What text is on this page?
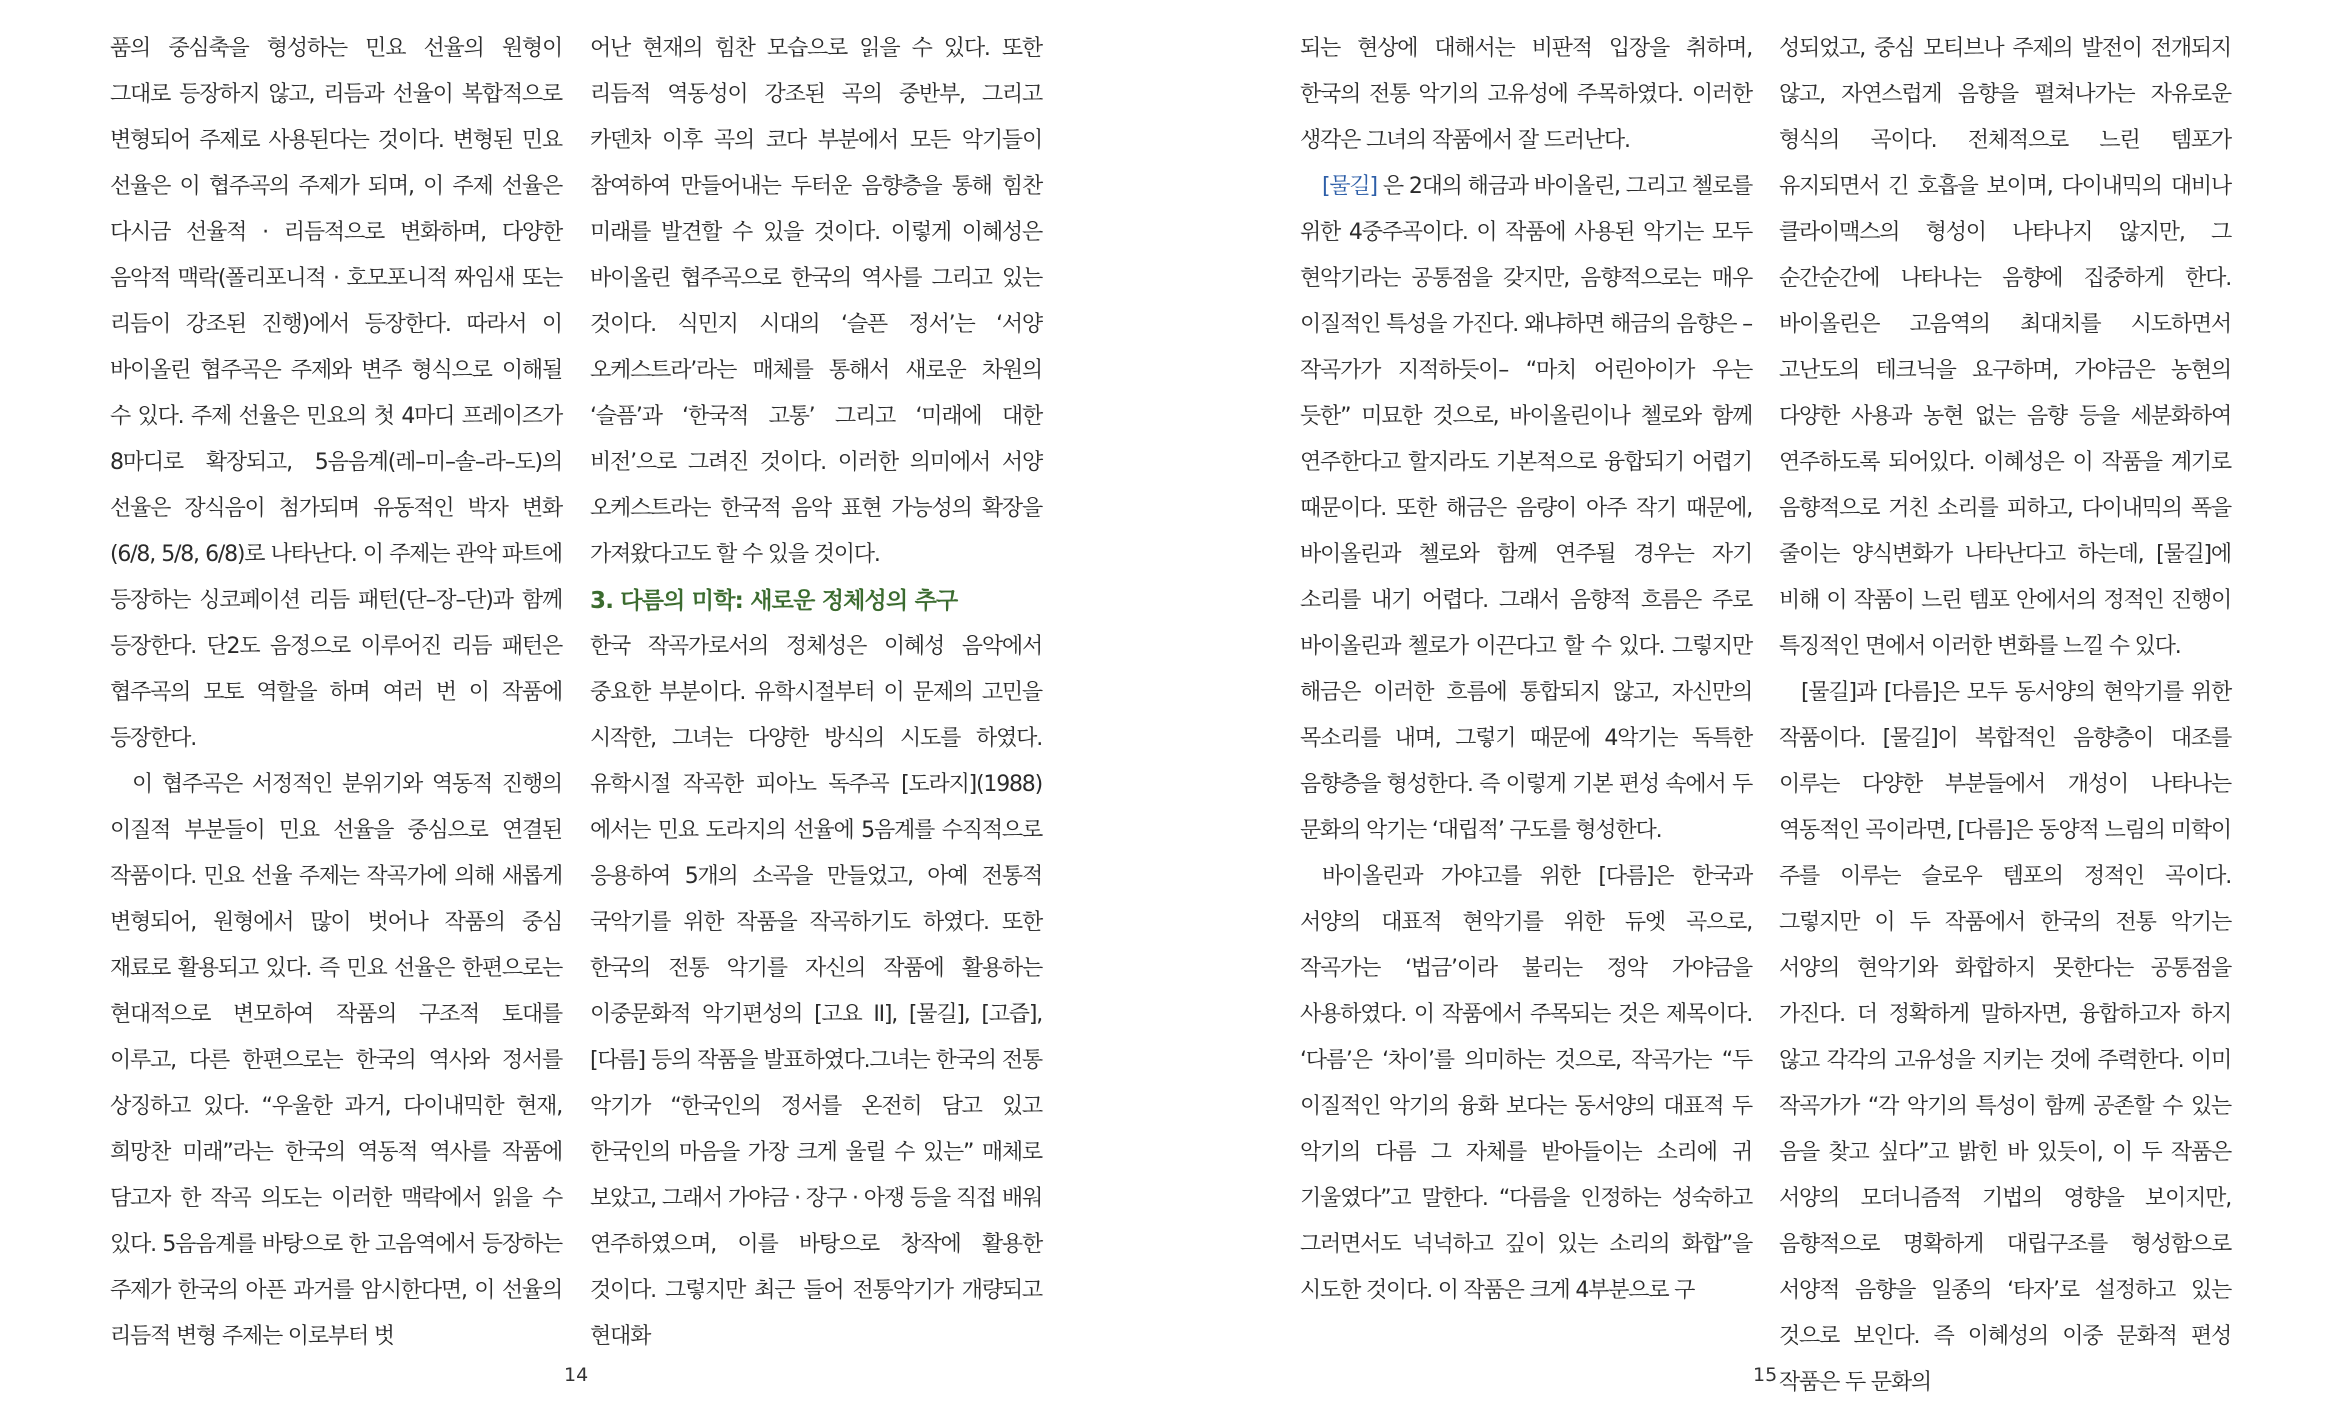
품의 중심축을 형성하는 민요 선율의 원형이 그대로 등장하지 않고, 리듬과 선율이 복합적으로 변형되어 주제로 사용된다는 것이다. 변형된 민요 선율은 이 협주곡의 주제가 되며, 이 주제 선율은 다시금 선율적 · 리듬적으로 변화하며, 다양한 음악적 맥락(폴리포니적 · 호모포니적 짜임새 또는 리듬이 강조된 진행)에서 등장한다. 따라서 이 바이올린 협주곡은 주제와 변주 형식으로 이해될 수 있다. 주제 선율은 민요의 첫 4마디 프레이즈가 8마디로 확장되고, 5음음계(레–미–솔–라–도)의 선율은 장식음이 첨가되며 유동적인 박자 변화(6/8, 5/8, 6/8)로 나타난다. 이 주제는 관악 파트에 등장하는 싱코페이션 리듬 패턴(단–장–단)과 함께 등장한다. 단2도 음정으로 이루어진 리듬 패턴은 협주곡의 모토 역할을 하며 여러 번 이 작품에 등장한다.

이 협주곡은 서정적인 분위기와 역동적 진행의 이질적 부분들이 민요 선율을 중심으로 연결된 작품이다. 민요 선율 주제는 작곡가에 의해 새롭게 변형되어, 원형에서 많이 벗어나 작품의 중심 재료로 활용되고 있다. 즉 민요 선율은 한편으로는 현대적으로 변모하여 작품의 구조적 토대를 이루고, 다른 한편으로는 한국의 역사와 정서를 상징하고 있다. “우울한 과거, 다이내믹한 현재, 희망찬 미래”라는 한국의 역동적 역사를 작품에 담고자 한 작곡 의도는 이러한 맥락에서 읽을 수 있다. 5음음계를 바탕으로 한 고음역에서 등장하는 주제가 한국의 아픈 과거를 암시한다면, 이 선율의 리듬적 변형 주제는 이로부터 벗

어난 현재의 힘찬 모습으로 읽을 수 있다. 또한 리듬적 역동성이 강조된 곡의 중반부, 그리고 카덴차 이후 곡의 코다 부분에서 모든 악기들이 참여하여 만들어내는 두터운 음향층을 통해 힘찬 미래를 발견할 수 있을 것이다. 이렇게 이혜성은 바이올린 협주곡으로 한국의 역사를 그리고 있는 것이다. 식민지 시대의 ‘슬픈 정서’는 ‘서양 오케스트라’라는 매체를 통해서 새로운 차원의 ‘슬픔’과 ‘한국적 고통’ 그리고 ‘미래에 대한 비전’으로 그려진 것이다. 이러한 의미에서 서양 오케스트라는 한국적 음악 표현 가능성의 확장을 가져왔다고도 할 수 있을 것이다.

3. 다름의 미학: 새로운 정체성의 추구

한국 작곡가로서의 정체성은 이혜성 음악에서 중요한 부분이다. 유학시절부터 이 문제의 고민을 시작한, 그녀는 다양한 방식의 시도를 하였다. 유학시절 작곡한 피아노 독주곡 [도라지](1988)에서는 민요 도라지의 선율에 5음계를 수직적으로 응용하여 5개의 소곡을 만들었고, 아예 전통적 국악기를 위한 작품을 작곡하기도 하였다. 또한 한국의 전통 악기를 자신의 작품에 활용하는 이중문화적 악기편성의 [고요 II], [물길], [고즙], [다름] 등의 작품을 발표하였다.그녀는 한국의 전통 악기가 “한국인의 정서를 온전히 담고 있고 한국인의 마음을 가장 크게 울릴 수 있는” 매체로 보았고, 그래서 가야금 · 장구 · 아쟁 등을 직접 배워 연주하였으며, 이를 바탕으로 창작에 활용한 것이다. 그렇지만 최근 들어 전통악기가 개량되고 현대화

되는 현상에 대해서는 비판적 입장을 취하며, 한국의 전통 악기의 고유성에 주목하였다. 이러한 생각은 그녀의 작품에서 잘 드러난다.

[물길] 은 2대의 해금과 바이올린, 그리고 첼로를 위한 4중주곡이다. 이 작품에 사용된 악기는 모두 현악기라는 공통점을 갖지만, 음향적으로는 매우 이질적인 특성을 가진다. 왜냐하면 해금의 음향은 –작곡가가 지적하듯이– “마치 어린아이가 우는 듯한” 미묘한 것으로, 바이올린이나 첼로와 함께 연주한다고 할지라도 기본적으로 융합되기 어렵기 때문이다. 또한 해금은 음량이 아주 작기 때문에, 바이올린과 첼로와 함께 연주될 경우는 자기 소리를 내기 어렵다. 그래서 음향적 흐름은 주로 바이올린과 첼로가 이끈다고 할 수 있다. 그렇지만 해금은 이러한 흐름에 통합되지 않고, 자신만의 목소리를 내며, 그렇기 때문에 4악기는 독특한 음향층을 형성한다. 즉 이렇게 기본 편성 속에서 두 문화의 악기는 ‘대립적’ 구도를 형성한다.

바이올린과 가야고를 위한 [다름]은 한국과 서양의 대표적 현악기를 위한 듀엣 곡으로, 작곡가는 ‘법금’이라 불리는 정악 가야금을 사용하였다. 이 작품에서 주목되는 것은 제목이다. ‘다름’은 ‘차이’를 의미하는 것으로, 작곡가는 “두 이질적인 악기의 융화 보다는 동서양의 대표적 두 악기의 다름 그 자체를 받아들이는 소리에 귀 기울였다”고 말한다. “다름을 인정하는 성숙하고 그러면서도 넉넉하고 깊이 있는 소리의 화합”을 시도한 것이다. 이 작품은 크게 4부분으로 구

성되었고, 중심 모티브나 주제의 발전이 전개되지 않고, 자연스럽게 음향을 펼쳐나가는 자유로운 형식의 곡이다. 전체적으로 느린 템포가 유지되면서 긴 호흡을 보이며, 다이내믹의 대비나 클라이맥스의 형성이 나타나지 않지만, 그 순간순간에 나타나는 음향에 집중하게 한다. 바이올린은 고음역의 최대치를 시도하면서 고난도의 테크닉을 요구하며, 가야금은 농현의 다양한 사용과 농현 없는 음향 등을 세분화하여 연주하도록 되어있다. 이혜성은 이 작품을 계기로 음향적으로 거친 소리를 피하고, 다이내믹의 폭을 줄이는 양식변화가 나타난다고 하는데, [물길]에 비해 이 작품이 느린 템포 안에서의 정적인 진행이 특징적인 면에서 이러한 변화를 느낄 수 있다.

[물길]과 [다름]은 모두 동서양의 현악기를 위한 작품이다. [물길]이 복합적인 음향층이 대조를 이루는 다양한 부분들에서 개성이 나타나는 역동적인 곡이라면, [다름]은 동양적 느림의 미학이 주를 이루는 슬로우 템포의 정적인 곡이다. 그렇지만 이 두 작품에서 한국의 전통 악기는 서양의 현악기와 화합하지 못한다는 공통점을 가진다. 더 정확하게 말하자면, 융합하고자 하지 않고 각각의 고유성을 지키는 것에 주력한다. 이미 작곡가가 “각 악기의 특성이 함께 공존할 수 있는 음을 찾고 싶다”고 밝힌 바 있듯이, 이 두 작품은 서양의 모더니즘적 기법의 영향을 보이지만, 음향적으로 명확하게 대립구조를 형성함으로 서양적 음향을 일종의 ‘타자’로 설정하고 있는 것으로 보인다. 즉 이혜성의 이중 문화적 편성 작품은 두 문화의

14	15
